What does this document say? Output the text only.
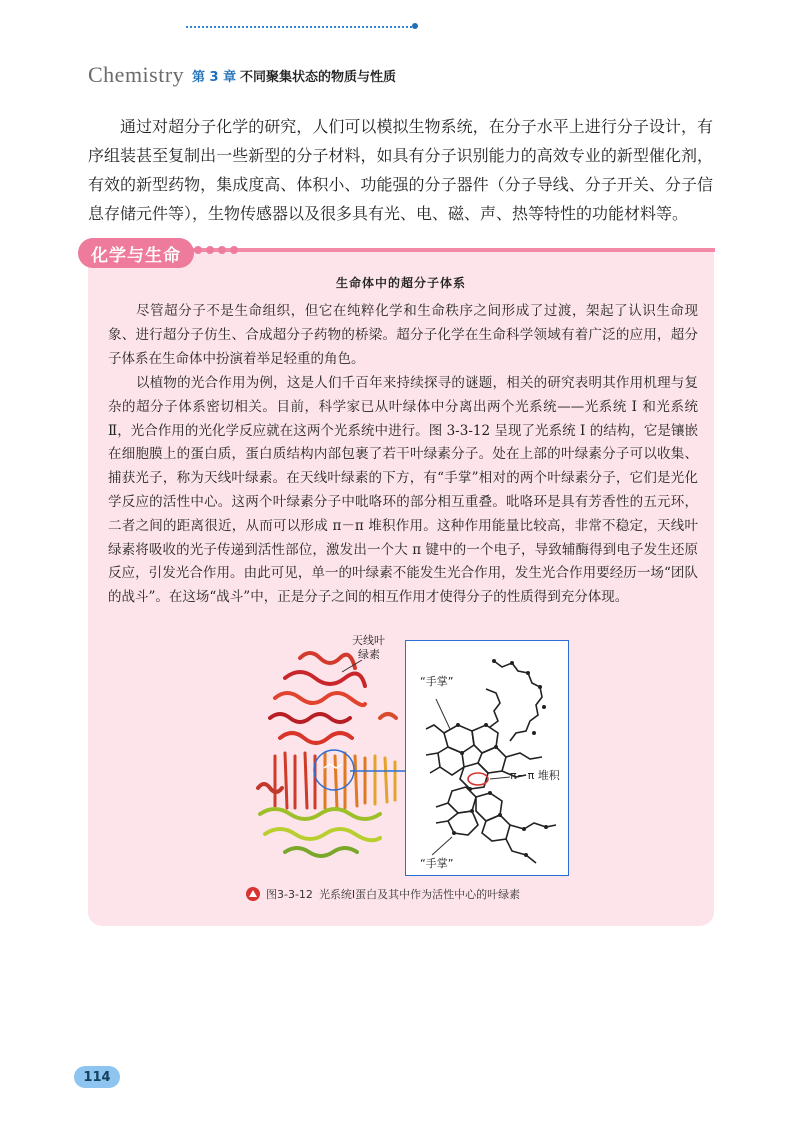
Chemistry 第 3 章 不同聚集状态的物质与性质

通过对超分子化学的研究，人们可以模拟生物系统，在分子水平上进行分子设计，有序组装甚至复制出一些新型的分子材料，如具有分子识别能力的高效专业的新型催化剂，有效的新型药物，集成度高、体积小、功能强的分子器件（分子导线、分子开关、分子信息存储元件等），生物传感器以及很多具有光、电、磁、声、热等特性的功能材料等。

化学与生命
生命体中的超分子体系

尽管超分子不是生命组织，但它在纯粹化学和生命秩序之间形成了过渡，架起了认识生命现象、进行超分子仿生、合成超分子药物的桥梁。超分子化学在生命科学领域有着广泛的应用，超分子体系在生命体中扮演着举足轻重的角色。

以植物的光合作用为例，这是人们千百年来持续探寻的谜题，相关的研究表明其作用机理与复杂的超分子体系密切相关。目前，科学家已从叶绿体中分离出两个光系统——光系统 Ⅰ 和光系统 Ⅱ，光合作用的光化学反应就在这两个光系统中进行。图 3-3-12 呈现了光系统 Ⅰ 的结构，它是镶嵌在细胞膜上的蛋白质，蛋白质结构内部包裹了若干叶绿素分子。处在上部的叶绿素分子可以收集、捕获光子，称为天线叶绿素。在天线叶绿素的下方，有“手掌”相对的两个叶绿素分子，它们是光化学反应的活性中心。这两个叶绿素分子中吡咯环的部分相互重叠。吡咯环是具有芳香性的五元环，二者之间的距离很近，从而可以形成 π－π 堆积作用。这种作用能量比较高，非常不稳定，天线叶绿素将吸收的光子传递到活性部位，激发出一个大 π 键中的一个电子，导致辅酶得到电子发生还原反应，引发光合作用。由此可见，单一的叶绿素不能发生光合作用，发生光合作用要经历一场“团队的战斗”。在这场“战斗”中，正是分子之间的相互作用才使得分子的性质得到充分体现。

天线叶
绿素
“手掌”
π－π 堆积
“手掌”
图3-3-12 光系统Ⅰ蛋白及其中作为活性中心的叶绿素
114
